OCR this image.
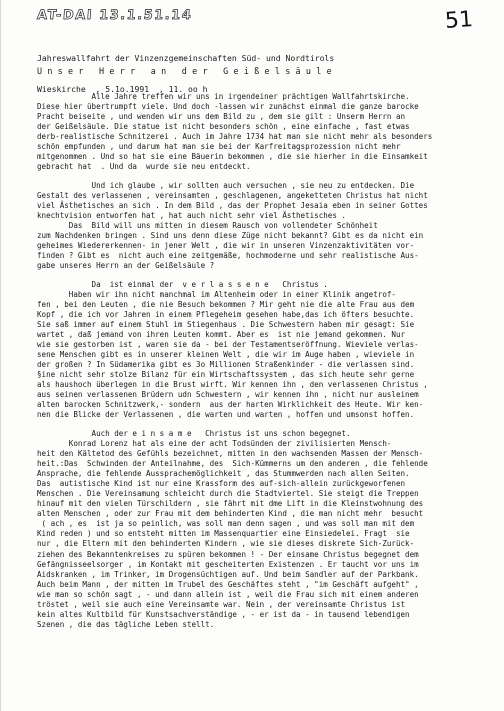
AT-DAI 13.1.51.14	51

Jahreswallfahrt der Vinzenzgemeinschaften Süd- und Nordtirols

Wieskirche  , 5.1o.1991  , 11. oo h

Unser Herr an der Geißelsäule
Alle Jahre treffen wir uns in irgendeiner prächtigen Wallfahrtskirche.
Diese hier übertrumpft viele. Und doch -lassen wir zunächst einmal die ganze barocke
Pracht beiseite , und wenden wir uns dem Bild zu , dem sie gilt : Unserm Herrn an
der Geißelsäule. Die statue ist nicht besonders schön , eine einfache , fast etwas
derb-realistische Schnitzerei . Auch im Jahre 1734 hat man sie nicht mehr als besonders
schön empfunden , und darum hat man sie bei der Karfreitagsprozession nicht mehr
mitgenommen . Und so hat sie eine Bäuerin bekommen , die sie hierher in die Einsamkeit
gebracht hat  . Und da  wurde sie neu entdeckt.
Und ich glaube , wir sollten auch versuchen , sie neu zu entdecken. Die
Gestalt des verlassenen , vereinsamten , geschlagenen, angeketteten Christus hat nicht
viel Ästhetisches an sich . In dem Bild , das der Prophet Jesaia eben in seiner Gottes
knechtvision entworfen hat , hat auch nicht sehr viel Ästhetisches .
Das  Bild will uns mitten in diesem Rausch von vollendeter Schönheit
zum Nachdenken bringen . Sind uns denn diese Züge nicht bekannt? Gibt es da nicht ein
geheimes Wiedererkennen- in jener Welt , die wir in unseren Vinzenzaktivitäten vor-
finden ? Gibt es  nicht auch eine zeitgemäße, hochmoderne und sehr realistische Aus-
gabe unseres Herrn an der Geißelsäule ?
Da  ist einmal der  v e r l a s s e n e   Christus .
Haben wir ihn nicht manchmal im Altenheim oder in einer Klinik angetrof-
fen , bei den Leuten , die nie Besuch bekommen ? Mir geht nie die alte Frau aus dem
Kopf , die ich vor Jahren in einem Pflegeheim gesehen habe,das ich öfters besuchte.
Sie saß immer auf einem Stuhl im Stiegenhaus . Die Schwestern haben mir gesagt: Sie
wartet , daß jemand von ihren Leuten kommt. Aber es  ist nie jemand gekommen. Nur
wie sie gestorben ist , waren sie da - bei der Testamentseröffnung. Wieviele verlas-
sene Menschen gibt es in unserer kleinen Welt , die wir im Auge haben , wieviele in
der großen ? In Südamerika gibt es 3o Millionen Straßenkinder - die verlassen sind.
§ine nicht sehr stolze Bilanz für ein Wirtschaftssystem , das sich heute sehr gerne
als haushoch überlegen in die Brust wirft. Wir kennen ihn , den verlassenen Christus ,
aus seinen verlassenen Brüdern udn Schwestern , wir kennen ihn , nicht nur ausleinem
alten barocken Schnitzwerk,- sondern  aus der harten Wirklichkeit des Heute. Wir ken-
nen die Blicke der Verlassenen , die warten und warten , hoffen und umsonst hoffen.
Auch der e i n s a m e   Christus ist uns schon begegnet.
Konrad Lorenz hat als eine der acht Todsünden der zivilisierten Mensch-
heit den Kältetod des Gefühls bezeichnet, mitten in den wachsenden Massen der Mensch-
heit.:Das  Schwinden der Anteilnahme, des  Sich-Kümmerns um den anderen , die fehlende
Ansprache, die fehlende Aussprachemöglichkeit , das Stummwerden nach allen Seiten.
Das  autistische Kind ist nur eine Krassform des auf-sich-allein zurückgeworfenen
Menschen . Die Vereinsamung schleicht durch die Stadtviertel. Sie steigt die Treppen
hinauf mit den vielen Türschildern , sie fährt mit dme Lift in die Kleinstwohnung des
alten Menschen , oder zur Frau mit dem behinderten Kind , die man nicht mehr  besucht
( ach , es  ist ja so peinlich, was soll man denn sagen , und was soll man mit dem
Kind reden ) und so entsteht mitten im Massenquartier eine Einsiedelei. Fragt  sie
nur , die Eltern mit den behinderten Kindern , wie sie dieses diskrete Sich-Zurück-
ziehen des Bekanntenkreises zu spüren bekommen ! - Der einsame Christus begegnet dem
Gefängnisseelsorger , im Kontakt mit gescheiterten Existenzen . Er taucht vor uns im
Aidskranken , im Trinker, im Drogensüchtigen auf. Und beim Sandler auf der Parkbank.
Auch beim Mann , der mitten im Trubel des Geschäftes steht , "im Geschäft aufgeht" ,
wie man so schön sagt , - und dann allein ist , weil die Frau sich mit einem anderen
tröstet , weil sie auch eine Vereinsamte war. Nein , der vereinsamte Christus ist
kein altes Kultbild für Kunstsachverständige , - er ist da - in tausend lebendigen
Szenen , die das tägliche Leben stellt.
